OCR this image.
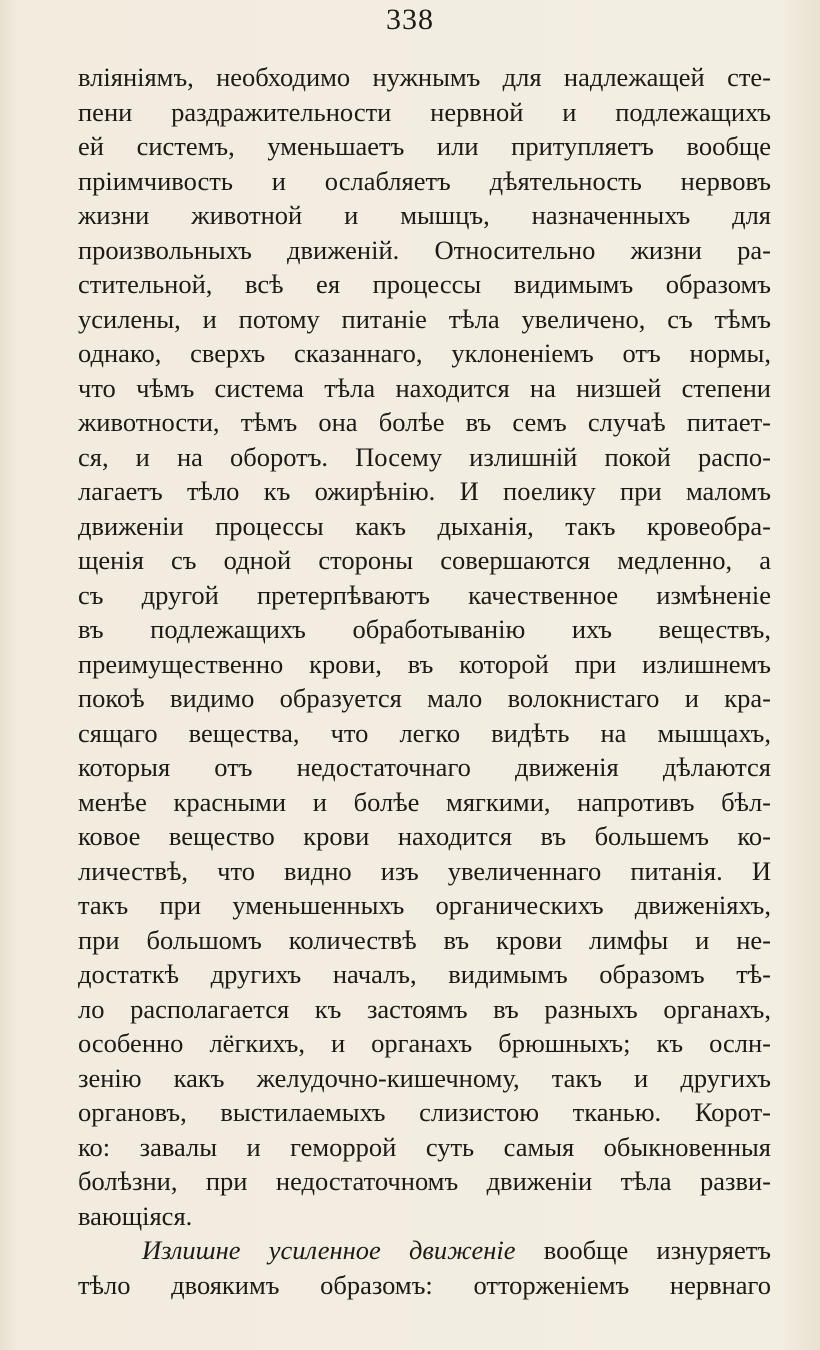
338
вліяніямъ, необходимо нужнымъ для надлежащей сте-
пени раздражительности нервной и подлежащихъ
ей системъ, уменьшаетъ или притупляетъ вообще
пріимчивость и ослабляетъ дѣятельность нервовъ
жизни животной и мышцъ, назначенныхъ для
произвольныхъ движеній. Относительно жизни ра-
стительной, всѣ ея процессы видимымъ образомъ
усилены, и потому питаніе тѣла увеличено, съ тѣмъ
однако, сверхъ сказаннаго, уклоненіемъ отъ нормы,
что чѣмъ система тѣла находится на низшей степени
животности, тѣмъ она болѣе въ семъ случаѣ питает-
ся, и на оборотъ. Посему излишній покой распо-
лагаетъ тѣло къ ожирѣнію. И поелику при маломъ
движеніи процессы какъ дыханія, такъ кровеобра-
щенія съ одной стороны совершаются медленно, а
съ другой претерпѣваютъ качественное измѣненіе
въ подлежащихъ обработыванію ихъ веществъ,
преимущественно крови, въ которой при излишнемъ
покоѣ видимо образуется мало волокнистаго и кра-
сящаго вещества, что легко видѣть на мышцахъ,
которыя отъ недостаточнаго движенія дѣлаются
менѣе красными и болѣе мягкими, напротивъ бѣл-
ковое вещество крови находится въ большемъ ко-
личествѣ, что видно изъ увеличеннаго питанія. И
такъ при уменьшенныхъ органическихъ движеніяхъ,
при большомъ количествѣ въ крови лимфы и не-
достаткѣ другихъ началъ, видимымъ образомъ тѣ-
ло располагается къ застоямъ въ разныхъ органахъ,
особенно лёгкихъ, и органахъ брюшныхъ; къ ослн-
зенію какъ желудочно-кишечному, такъ и другихъ
органовъ, выстилаемыхъ слизистою тканью. Корот-
ко: завалы и геморрой суть самыя обыкновенныя
болѣзни, при недостаточномъ движеніи тѣла разви-
вающіяся.
Излишне усиленное движеніе вообще изнуряетъ
тѣло двоякимъ образомъ: отторженіемъ нервнаго
